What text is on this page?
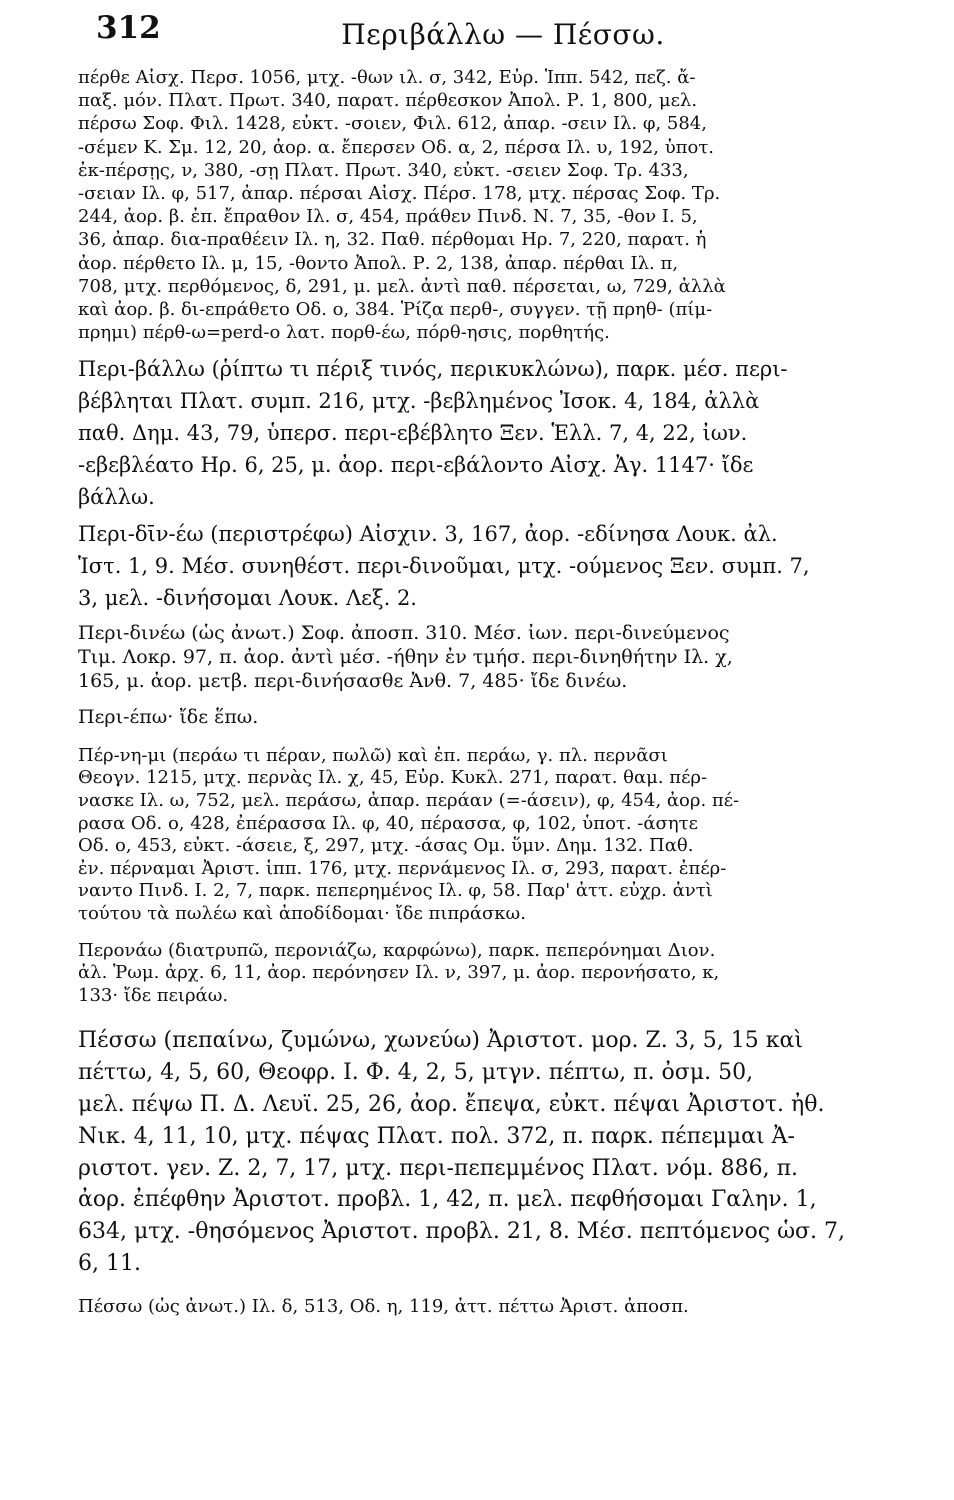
312	Περιβάλλω — Πέσσω.
πέρθε Αἰσχ. Περσ. 1056, μτχ. -θων ιλ. σ, 342, Εὐρ. Ἱππ. 542, πεζ. ἄ-
παξ. μόν. Πλατ. Πρωτ. 340, παρατ. πέρθεσκον Ἀπολ. Ρ. 1, 800, μελ.
πέρσω Σοφ. Φιλ. 1428, εὐκτ. -σοιεν, Φιλ. 612, ἀπαρ. -σειν Ιλ. φ, 584,
-σέμεν Κ. Σμ. 12, 20, ἀορ. α. ἔπερσεν Οδ. α, 2, πέρσα Ιλ. υ, 192, ὑποτ.
ἐκ-πέρσῃς, ν, 380, -σῃ Πλατ. Πρωτ. 340, εὐκτ. -σειεν Σοφ. Τρ. 433,
-σειαν Ιλ. φ, 517, ἀπαρ. πέρσαι Αἰσχ. Πέρσ. 178, μτχ. πέρσας Σοφ. Τρ.
244, ἀορ. β. ἐπ. ἔπραθον Ιλ. σ, 454, πράθεν Πινδ. Ν. 7, 35, -θον Ι. 5,
36, ἀπαρ. δια-πραθέειν Ιλ. η, 32. Παθ. πέρθομαι Ηρ. 7, 220, παρατ. ἡ
ἀορ. πέρθετο Ιλ. μ, 15, -θοντο Ἀπολ. Ρ. 2, 138, ἀπαρ. πέρθαι Ιλ. π,
708, μτχ. περθόμενος, δ, 291, μ. μελ. ἀντὶ παθ. πέρσεται, ω, 729, ἀλλὰ
καὶ ἀορ. β. δι-επράθετο Οδ. ο, 384. Ῥίζα περθ-, συγγεν. τῇ πρηθ- (πίμ-
πρημι) πέρθ-ω=perd-o λατ. πορθ-έω, πόρθ-ησις, πορθητής.
Περι-βάλλω (ῥίπτω τι πέριξ τινός, περικυκλώνω), παρκ. μέσ. περι-
βέβληται Πλατ. συμπ. 216, μτχ. -βεβλημένος Ἰσοκ. 4, 184, ἀλλὰ
παθ. Δημ. 43, 79, ὑπερσ. περι-εβέβλητο Ξεν. Ἑλλ. 7, 4, 22, ἰων.
-εβεβλέατο Ηρ. 6, 25, μ. ἀορ. περι-εβάλοντο Αἰσχ. Ἀγ. 1147· ἴδε
βάλλω.
Περι-δῑν-έω (περιστρέφω) Αἰσχιν. 3, 167, ἀορ. -εδίνησα Λουκ. ἀλ.
Ἱστ. 1, 9. Μέσ. συνηθέστ. περι-δινοῦμαι, μτχ. -ούμενος Ξεν. συμπ. 7,
3, μελ. -δινήσομαι Λουκ. Λεξ. 2.
Περι-δινέω (ὡς ἀνωτ.) Σοφ. ἀποσπ. 310. Μέσ. ἰων. περι-δινεύμενος
Τιμ. Λοκρ. 97, π. ἀορ. ἀντὶ μέσ. -ήθην ἐν τμήσ. περι-δινηθήτην Ιλ. χ,
165, μ. ἀορ. μετβ. περι-δινήσασθε Ἀνθ. 7, 485· ἴδε δινέω.
Περι-έπω· ἴδε ἕπω.
Πέρ-νη-μι (περάω τι πέραν, πωλῶ) καὶ ἐπ. περάω, γ. πλ. περνᾶσι
Θεογν. 1215, μτχ. περνὰς Ιλ. χ, 45, Εὐρ. Κυκλ. 271, παρατ. θαμ. πέρ-
νασκε Ιλ. ω, 752, μελ. περάσω, ἀπαρ. περάαν (=-άσειν), φ, 454, ἀορ. πέ-
ρασα Οδ. ο, 428, ἐπέρασσα Ιλ. φ, 40, πέρασσα, φ, 102, ὑποτ. -άσητε
Οδ. ο, 453, εὐκτ. -άσειε, ξ, 297, μτχ. -άσας Ομ. ὕμν. Δημ. 132. Παθ.
ἐν. πέρναμαι Ἀριστ. ἱππ. 176, μτχ. περνάμενος Ιλ. σ, 293, παρατ. ἐπέρ-
ναντο Πινδ. Ι. 2, 7, παρκ. πεπερημένος Ιλ. φ, 58. Παρ' ἀττ. εὐχρ. ἀντὶ
τούτου τὰ πωλέω καὶ ἀποδίδομαι· ἴδε πιπράσκω.
Περονάω (διατρυπῶ, περονιάζω, καρφώνω), παρκ. πεπερόνημαι Διον.
ἀλ. Ῥωμ. ἀρχ. 6, 11, ἀορ. περόνησεν Ιλ. ν, 397, μ. ἀορ. περονήσατο, κ,
133· ἴδε πειράω.
Πέσσω (πεπαίνω, ζυμώνω, χωνεύω) Ἀριστοτ. μορ. Ζ. 3, 5, 15 καὶ
πέττω, 4, 5, 60, Θεοφρ. Ι. Φ. 4, 2, 5, μτγν. πέπτω, π. ὀσμ. 50,
μελ. πέψω Π. Δ. Λευϊ. 25, 26, ἀορ. ἔπεψα, εὐκτ. πέψαι Ἀριστοτ. ἠθ.
Νικ. 4, 11, 10, μτχ. πέψας Πλατ. πολ. 372, π. παρκ. πέπεμμαι Ἀ-
ριστοτ. γεν. Ζ. 2, 7, 17, μτχ. περι-πεπεμμένος Πλατ. νόμ. 886, π.
ἀορ. ἐπέφθην Ἀριστοτ. προβλ. 1, 42, π. μελ. πεφθήσομαι Γαλην. 1,
634, μτχ. -θησόμενος Ἀριστοτ. προβλ. 21, 8. Μέσ. πεπτόμενος ὡσ. 7,
6, 11.
Πέσσω (ὡς ἀνωτ.) Ιλ. δ, 513, Οδ. η, 119, ἀττ. πέττω Ἀριστ. ἀποσπ.
